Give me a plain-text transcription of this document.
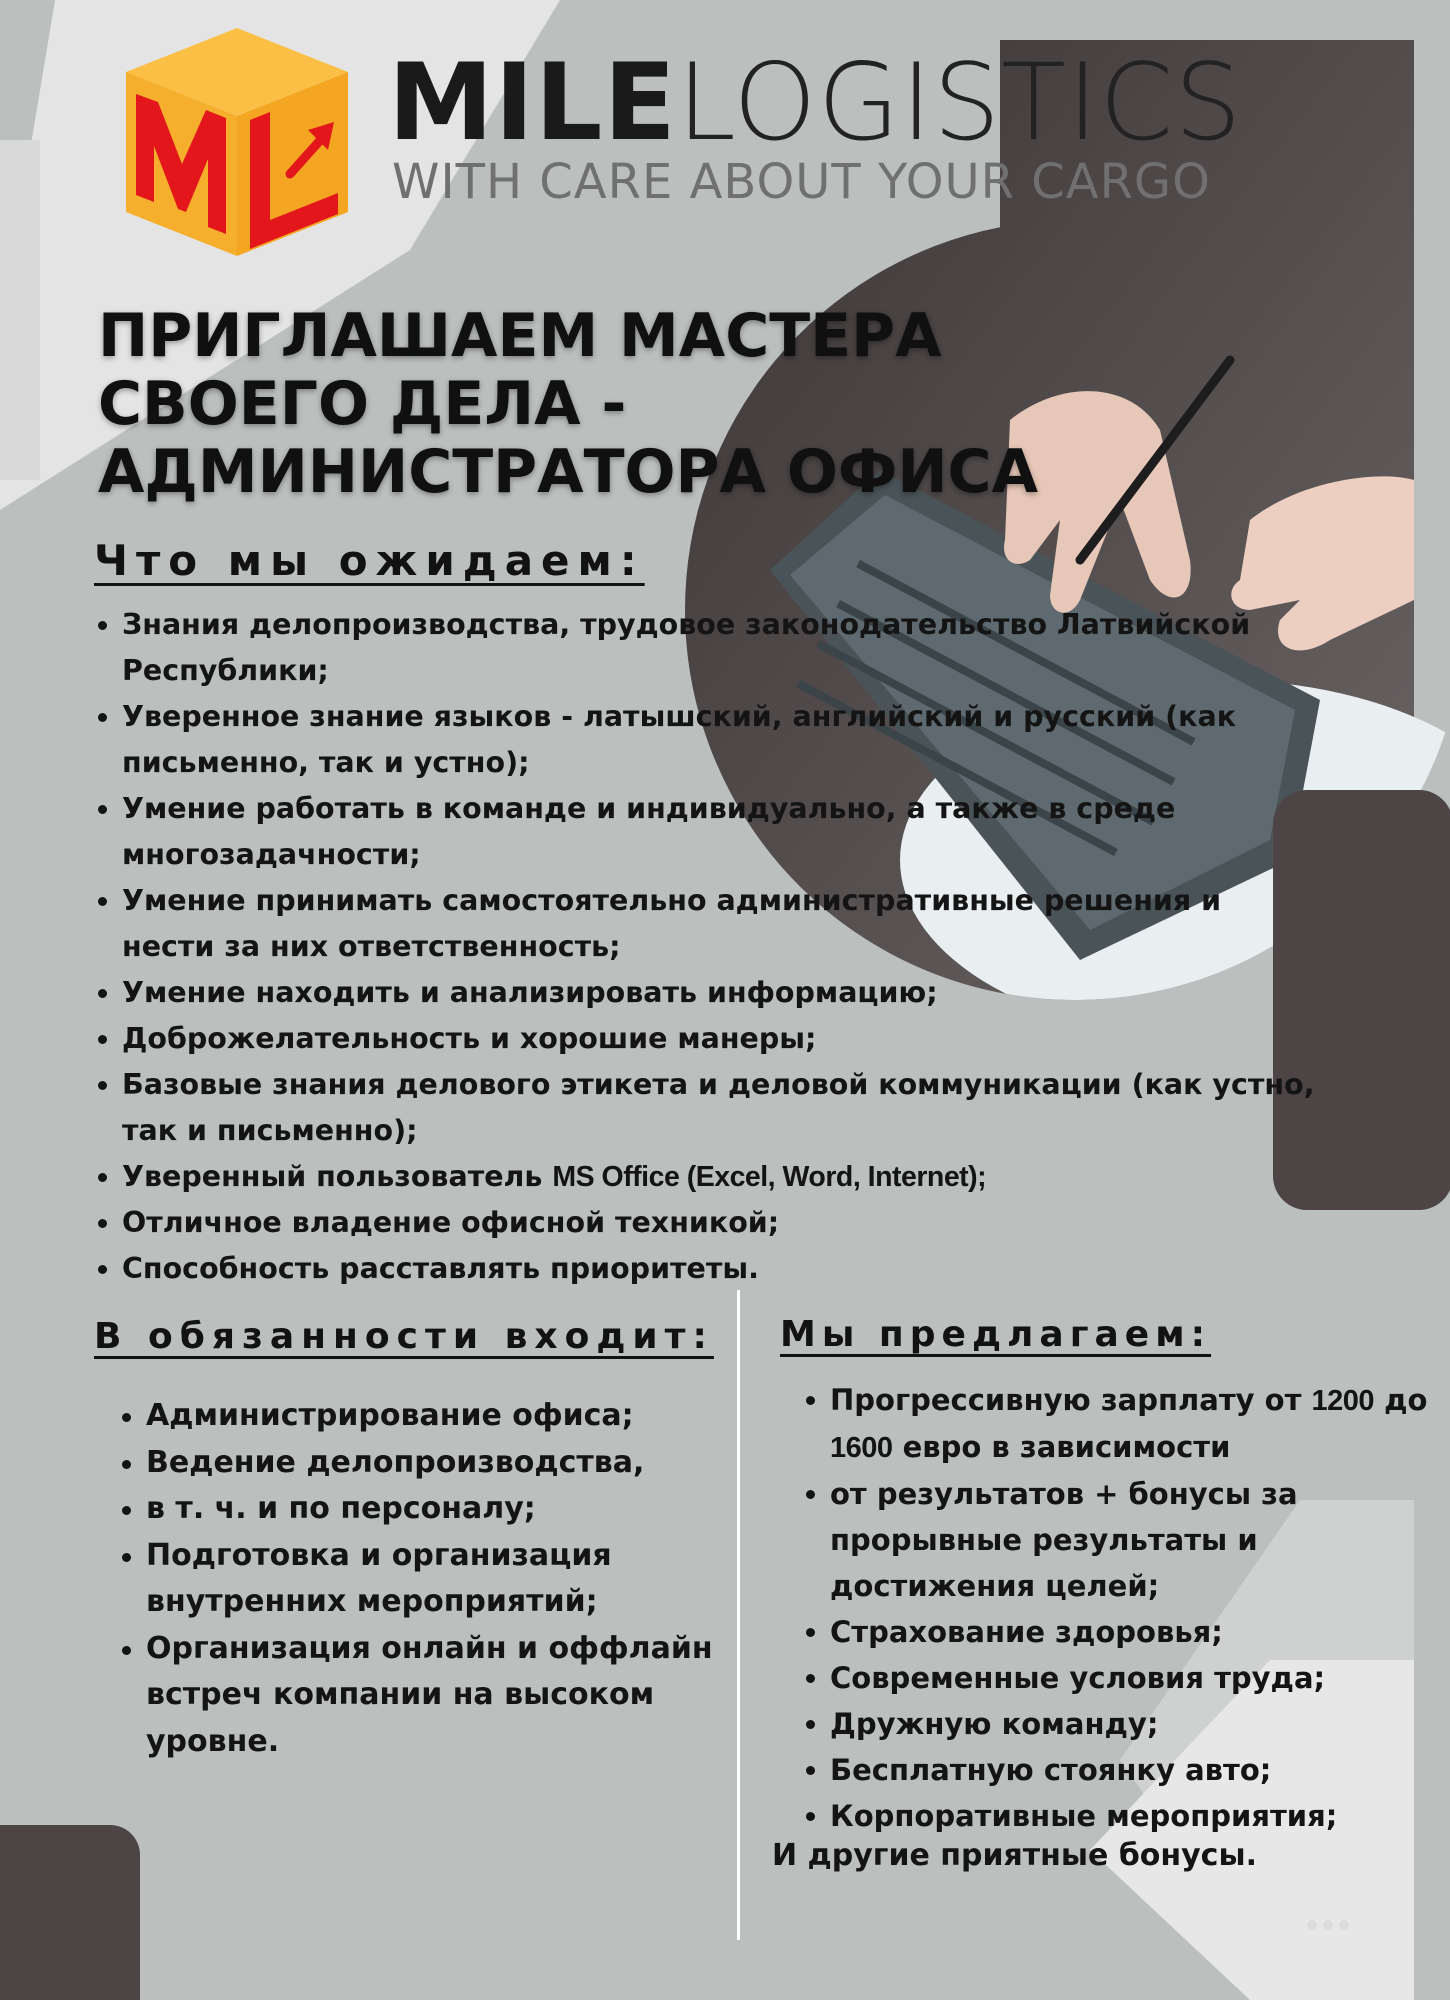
MILELOGISTICS
WITH CARE ABOUT YOUR CARGO
ПРИГЛАШАЕМ МАСТЕРА
СВОЕГО ДЕЛА -
АДМИНИСТРАТОРА ОФИСА
Что мы ожидаем:
Знания делопроизводства, трудовое законодательство Латвийской Республики;
Уверенное знание языков - латышский, английский и русский (как письменно, так и устно);
Умение работать в команде и индивидуально, а также в среде многозадачности;
Умение принимать самостоятельно административные решения и нести за них ответственность;
Умение находить и анализировать информацию;
Доброжелательность и хорошие манеры;
Базовые знания делового этикета и деловой коммуникации (как устно, так и письменно);
Уверенный пользователь MS Office (Excel, Word, Internet);
Отличное владение офисной техникой;
Способность расставлять приоритеты.
В обязанности входит:
Администрирование офиса;
Ведение делопроизводства,
в т. ч. и по персоналу;
Подготовка и организация внутренних мероприятий;
Организация онлайн и оффлайн встреч компании на высоком уровне.
Мы предлагаем:
Прогрессивную зарплату от 1200 до 1600 евро в зависимости
от результатов + бонусы за прорывные результаты и достижения целей;
Страхование здоровья;
Современные условия труда;
Дружную команду;
Бесплатную стоянку авто;
Корпоративные мероприятия;

И другие приятные бонусы.
